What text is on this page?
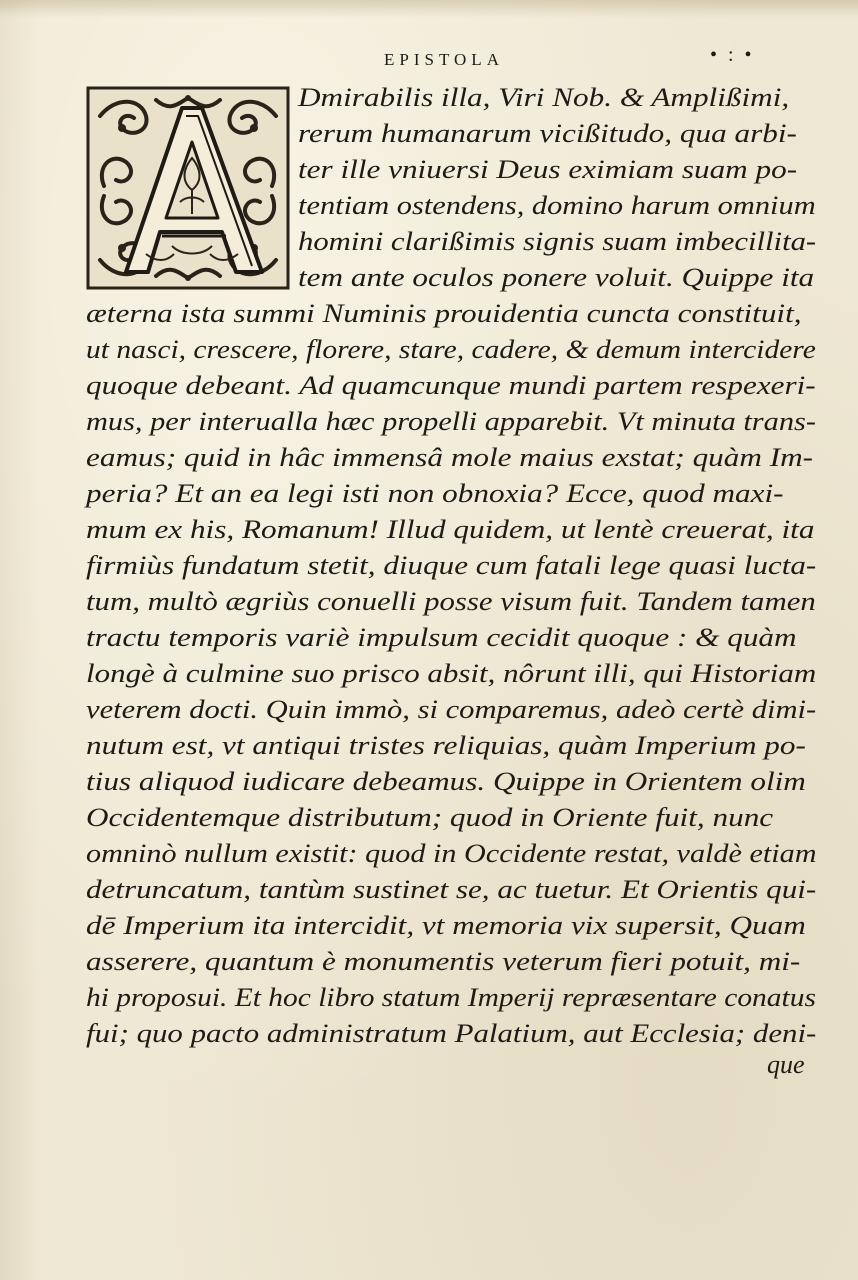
EPISTOLA	• : •
Dmirabilis illa, Viri Nob. & Amplißimi,
rerum humanarum vicißitudo, qua arbi-
ter ille vniuersi Deus eximiam suam po-
tentiam ostendens, domino harum omnium
homini clarißimis signis suam imbecillita-
tem ante oculos ponere voluit. Quippe ita
æterna ista summi Numinis prouidentia cuncta constituit,
ut nasci, crescere, florere, stare, cadere, & demum intercidere
quoque debeant. Ad quamcunque mundi partem respexeri-
mus, per interualla hæc propelli apparebit. Vt minuta trans-
eamus; quid in hâc immensâ mole maius exstat; quàm Im-
peria? Et an ea legi isti non obnoxia? Ecce, quod maxi-
mum ex his, Romanum! Illud quidem, ut lentè creuerat, ita
firmiùs fundatum stetit, diuque cum fatali lege quasi lucta-
tum, multò ægriùs conuelli posse visum fuit. Tandem tamen
tractu temporis variè impulsum cecidit quoque : & quàm
longè à culmine suo prisco absit, nôrunt illi, qui Historiam
veterem docti. Quin immò, si comparemus, adeò certè dimi-
nutum est, vt antiqui tristes reliquias, quàm Imperium po-
tius aliquod iudicare debeamus. Quippe in Orientem olim
Occidentemque distributum; quod in Oriente fuit, nunc
omninò nullum existit: quod in Occidente restat, valdè etiam
detruncatum, tantùm sustinet se, ac tuetur. Et Orientis qui-
dē Imperium ita intercidit, vt memoria vix supersit, Quam
asserere, quantum è monumentis veterum fieri potuit, mi-
hi proposui. Et hoc libro statum Imperij repræsentare conatus
fui; quo pacto administratum Palatium, aut Ecclesia; deni-
que
